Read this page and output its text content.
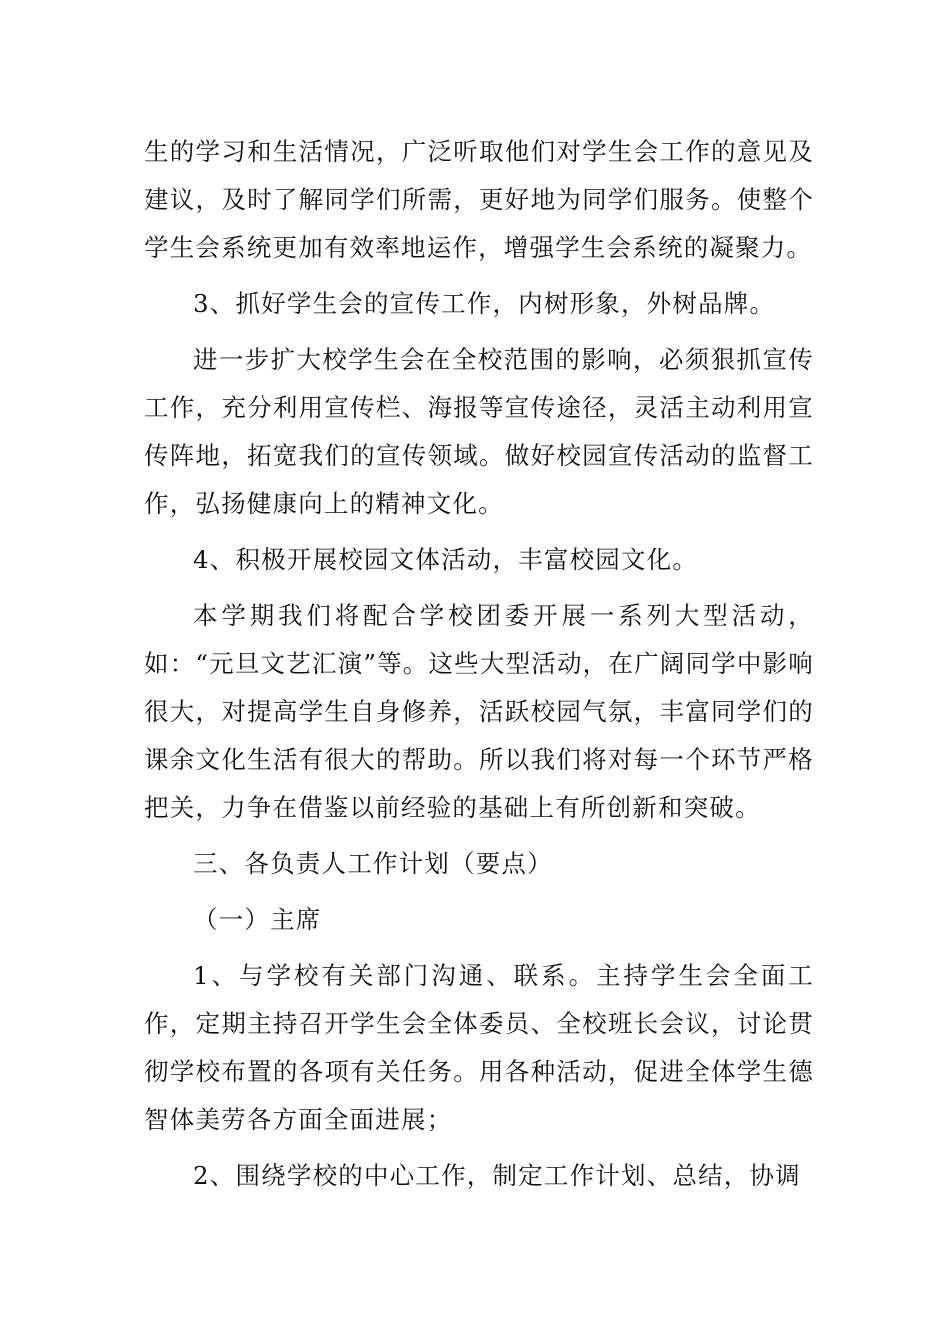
生的学习和生活情况，广泛听取他们对学生会工作的意见及建议，及时了解同学们所需，更好地为同学们服务。使整个学生会系统更加有效率地运作，增强学生会系统的凝聚力。

3、抓好学生会的宣传工作，内树形象，外树品牌。

进一步扩大校学生会在全校范围的影响，必须狠抓宣传工作，充分利用宣传栏、海报等宣传途径，灵活主动利用宣传阵地，拓宽我们的宣传领域。做好校园宣传活动的监督工作，弘扬健康向上的精神文化。

4、积极开展校园文体活动，丰富校园文化。

本学期我们将配合学校团委开展一系列大型活动，如：“元旦文艺汇演”等。这些大型活动，在广阔同学中影响很大，对提高学生自身修养，活跃校园气氛，丰富同学们的课余文化生活有很大的帮助。所以我们将对每一个环节严格把关，力争在借鉴以前经验的基础上有所创新和突破。

三、各负责人工作计划（要点）

（一）主席

1、与学校有关部门沟通、联系。主持学生会全面工作，定期主持召开学生会全体委员、全校班长会议，讨论贯彻学校布置的各项有关任务。用各种活动，促进全体学生德智体美劳各方面全面进展；

2、围绕学校的中心工作，制定工作计划、总结，协调
